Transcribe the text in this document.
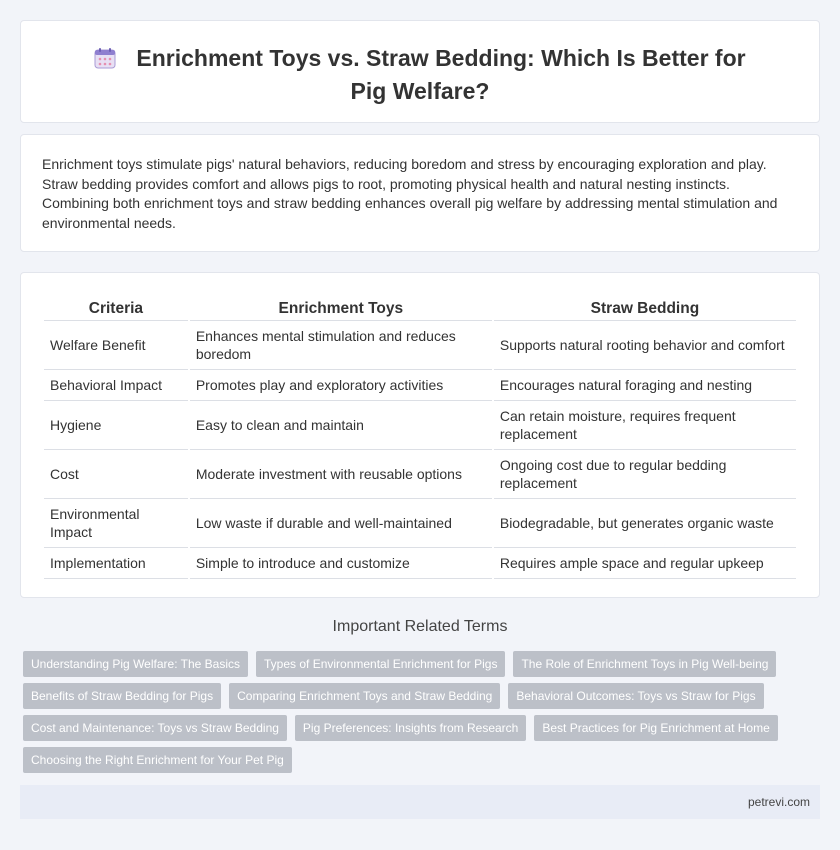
Enrichment Toys vs. Straw Bedding: Which Is Better for Pig Welfare?

Enrichment toys stimulate pigs' natural behaviors, reducing boredom and stress by encouraging exploration and play. Straw bedding provides comfort and allows pigs to root, promoting physical health and natural nesting instincts. Combining both enrichment toys and straw bedding enhances overall pig welfare by addressing mental stimulation and environmental needs.

Criteria	Enrichment Toys	Straw Bedding
Welfare Benefit	Enhances mental stimulation and reduces boredom	Supports natural rooting behavior and comfort
Behavioral Impact	Promotes play and exploratory activities	Encourages natural foraging and nesting
Hygiene	Easy to clean and maintain	Can retain moisture, requires frequent replacement
Cost	Moderate investment with reusable options	Ongoing cost due to regular bedding replacement
Environmental Impact	Low waste if durable and well-maintained	Biodegradable, but generates organic waste
Implementation	Simple to introduce and customize	Requires ample space and regular upkeep
Important Related Terms
Understanding Pig Welfare: The Basics	Types of Environmental Enrichment for Pigs	The Role of Enrichment Toys in Pig Well-being
Benefits of Straw Bedding for Pigs	Comparing Enrichment Toys and Straw Bedding	Behavioral Outcomes: Toys vs Straw for Pigs
Cost and Maintenance: Toys vs Straw Bedding	Pig Preferences: Insights from Research	Best Practices for Pig Enrichment at Home
Choosing the Right Enrichment for Your Pet Pig
petrevi.com
